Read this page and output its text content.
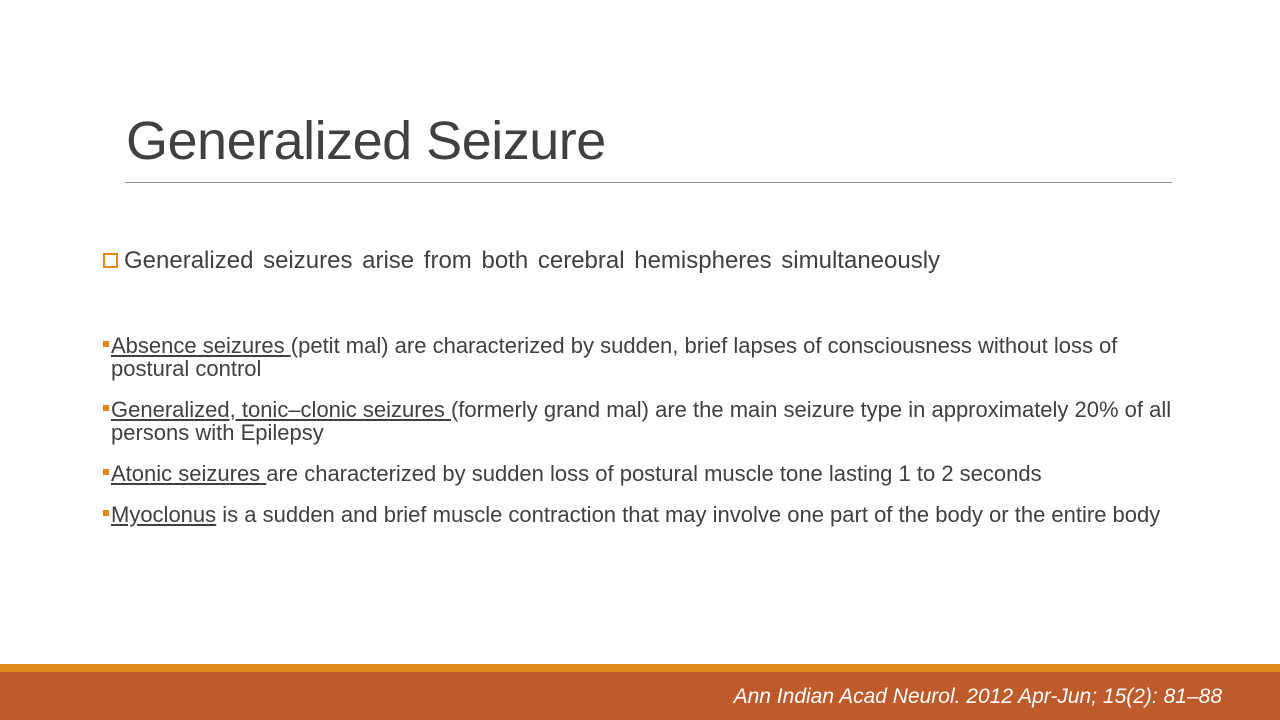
Generalized Seizure
Generalized seizures arise from both cerebral hemispheres simultaneously
Absence seizures (petit mal) are characterized by sudden, brief lapses of consciousness without loss of postural control
Generalized, tonic–clonic seizures (formerly grand mal) are the main seizure type in approximately 20% of all persons with Epilepsy
Atonic seizures are characterized by sudden loss of postural muscle tone lasting 1 to 2 seconds
Myoclonus is a sudden and brief muscle contraction that may involve one part of the body or the entire body
Ann Indian Acad Neurol. 2012 Apr-Jun; 15(2): 81–88
